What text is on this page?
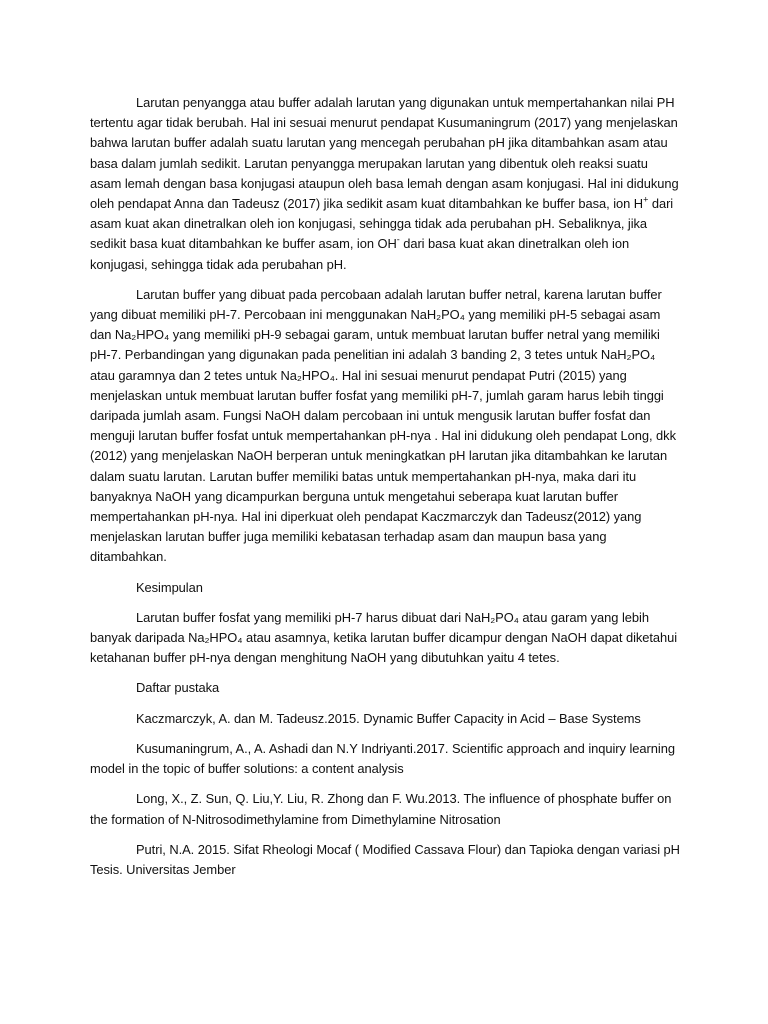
Larutan penyangga atau buffer adalah larutan yang digunakan untuk mempertahankan nilai PH tertentu agar tidak berubah. Hal ini sesuai menurut pendapat Kusumaningrum (2017) yang menjelaskan bahwa larutan buffer adalah suatu larutan yang mencegah perubahan pH jika ditambahkan asam atau basa dalam jumlah sedikit. Larutan penyangga merupakan larutan yang dibentuk oleh reaksi suatu asam lemah dengan basa konjugasi ataupun oleh basa lemah dengan asam konjugasi. Hal ini didukung oleh pendapat Anna dan Tadeusz (2017) jika sedikit asam kuat ditambahkan ke buffer basa, ion H+ dari asam kuat akan dinetralkan oleh ion konjugasi, sehingga tidak ada perubahan pH. Sebaliknya, jika sedikit basa kuat ditambahkan ke buffer asam, ion OH- dari basa kuat akan dinetralkan oleh ion konjugasi, sehingga tidak ada perubahan pH.

Larutan buffer yang dibuat pada percobaan adalah larutan buffer netral, karena larutan buffer yang dibuat memiliki pH-7. Percobaan ini menggunakan NaH₂PO₄ yang memiliki pH-5 sebagai asam dan Na₂HPO₄ yang memiliki pH-9 sebagai garam, untuk membuat larutan buffer netral yang memiliki pH-7. Perbandingan yang digunakan pada penelitian ini adalah 3 banding 2, 3 tetes untuk NaH₂PO₄ atau garamnya dan 2 tetes untuk Na₂HPO₄. Hal ini sesuai menurut pendapat Putri (2015) yang menjelaskan untuk membuat larutan buffer fosfat yang memiliki pH-7, jumlah garam harus lebih tinggi daripada jumlah asam. Fungsi NaOH dalam percobaan ini untuk mengusik larutan buffer fosfat dan menguji larutan buffer fosfat untuk mempertahankan pH-nya . Hal ini didukung oleh pendapat Long, dkk (2012) yang menjelaskan NaOH berperan untuk meningkatkan pH larutan jika ditambahkan ke larutan dalam suatu larutan. Larutan buffer memiliki batas untuk mempertahankan pH-nya, maka dari itu banyaknya NaOH yang dicampurkan berguna untuk mengetahui seberapa kuat larutan buffer mempertahankan pH-nya. Hal ini diperkuat oleh pendapat Kaczmarczyk dan Tadeusz(2012) yang menjelaskan larutan buffer juga memiliki kebatasan terhadap asam dan maupun basa yang ditambahkan.

Kesimpulan

Larutan buffer fosfat yang memiliki pH-7 harus dibuat dari NaH₂PO₄ atau garam yang lebih banyak daripada Na₂HPO₄ atau asamnya, ketika larutan buffer dicampur dengan NaOH dapat diketahui ketahanan buffer pH-nya dengan menghitung NaOH yang dibutuhkan yaitu 4 tetes.

Daftar pustaka

Kaczmarczyk, A. dan M. Tadeusz.2015. Dynamic Buffer Capacity in Acid – Base Systems

Kusumaningrum, A., A. Ashadi dan N.Y Indriyanti.2017. Scientific approach and inquiry learning model in the topic of buffer solutions: a content analysis

Long, X., Z. Sun, Q. Liu,Y. Liu, R. Zhong dan F. Wu.2013. The influence of phosphate buffer on the formation of N-Nitrosodimethylamine from Dimethylamine Nitrosation

Putri, N.A. 2015. Sifat Rheologi Mocaf ( Modified Cassava Flour) dan Tapioka dengan variasi pH Tesis. Universitas Jember
